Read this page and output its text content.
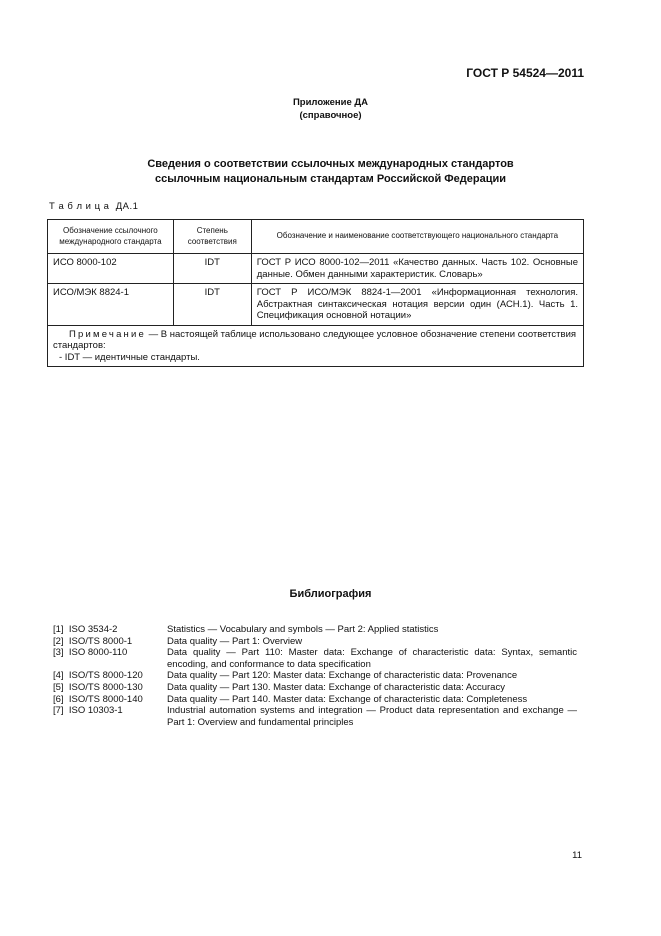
ГОСТ Р 54524—2011
Приложение ДА
(справочное)
Сведения о соответствии ссылочных международных стандартов
ссылочным национальным стандартам Российской Федерации
Т а б л и ц а  ДА.1
Обозначение ссылочного международного стандарта	Степень соответствия	Обозначение и наименование соответствующего национального стандарта
ИСО 8000-102	IDT	ГОСТ Р ИСО 8000-102—2011 «Качество данных. Часть 102. Основные данные. Обмен данными характеристик. Словарь»
ИСО/МЭК 8824-1	IDT	ГОСТ Р ИСО/МЭК 8824-1—2001 «Информационная технология. Абстрактная синтаксическая нотация версии один (АСН.1). Часть 1. Спецификация основной нотации»

Примечание — В настоящей таблице использовано следующее условное обозначение степени соответствия стандартов:

- IDT — идентичные стандарты.		

Библиография
[1]  ISO 3534-2	Statistics — Vocabulary and symbols — Part 2: Applied statistics
[2]  ISO/TS 8000-1	Data quality — Part 1: Overview
[3]  ISO 8000-110	Data quality — Part 110: Master data: Exchange of characteristic data: Syntax, semantic encoding, and conformance to data specification
[4]  ISO/TS 8000-120	Data quality — Part 120: Master data: Exchange of characteristic data: Provenance
[5]  ISO/TS 8000-130	Data quality — Part 130. Master data: Exchange of characteristic data: Accuracy
[6]  ISO/TS 8000-140	Data quality — Part 140. Master data: Exchange of characteristic data: Completeness
[7]  ISO 10303-1	Industrial automation systems and integration — Product data representation and exchange — Part 1: Overview and fundamental principles
11
